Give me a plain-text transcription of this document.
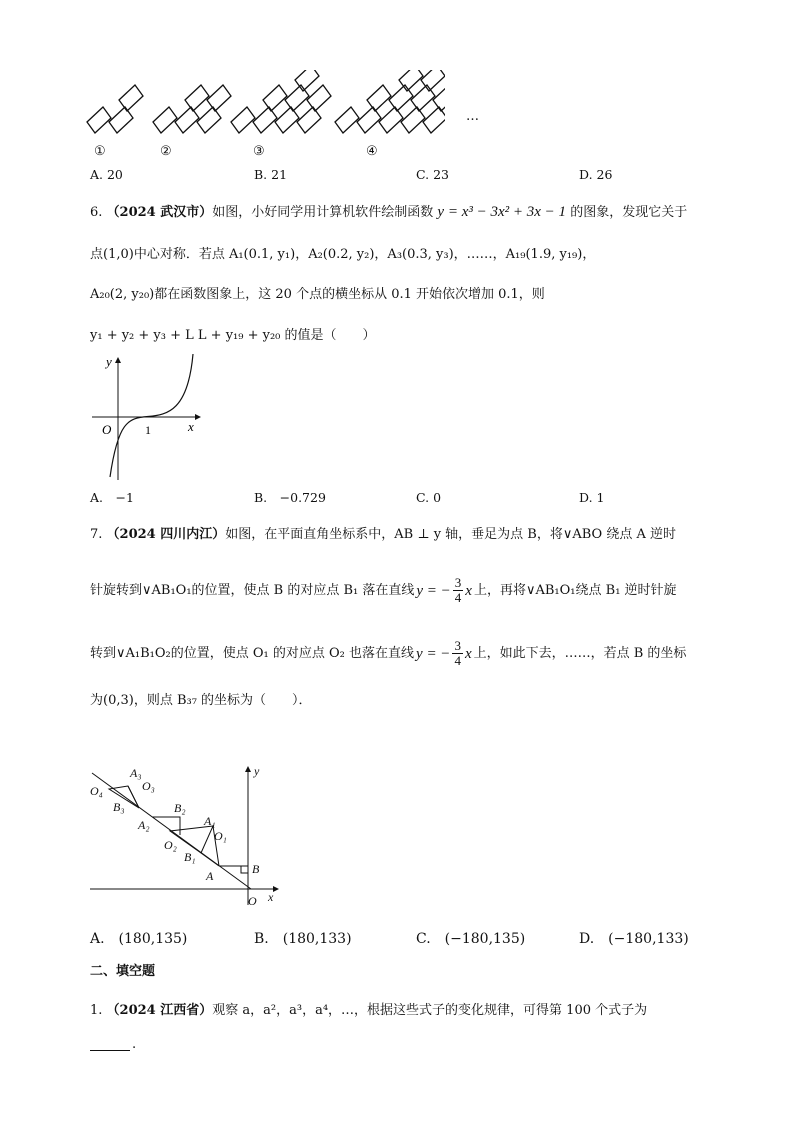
①	②	③	④
…
A. 20	B. 21	C. 23	D. 26
6. （2024 武汉市）如图，小好同学用计算机软件绘制函数 y = x³ − 3x² + 3x − 1 的图象，发现它关于
点(1,0)中心对称．若点 A₁(0.1, y₁)，A₂(0.2, y₂)，A₃(0.3, y₃)，……，A₁₉(1.9, y₁₉)，
A₂₀(2, y₂₀)都在函数图象上，这 20 个点的横坐标从 0.1 开始依次增加 0.1，则
y₁ + y₂ + y₃ + L L + y₁₉ + y₂₀ 的值是（　　）
y
x
O	1
A.　−1	B.　−0.729	C. 0	D. 1
7. （2024 四川内江）如图，在平面直角坐标系中，AB ⊥ y 轴，垂足为点 B，将∨ABO 绕点 A 逆时
针旋转到∨AB₁O₁的位置，使点 B 的对应点 B₁ 落在直线 y = − $\frac{3}{4}$ x 上，再将∨AB₁O₁绕点 B₁ 逆时针旋
转到∨A₁B₁O₂的位置，使点 O₁ 的对应点 O₂ 也落在直线 y = − $\frac{3}{4}$ x 上，如此下去，……，若点 B 的坐标
为(0,3)，则点 B₃₇ 的坐标为（　　）．
A₃
O₄	O₃
B₃	B₂
A₂	A₁
O₁
O₂
B₁
A	B
O x
y
A.　(180,135)	B.　(180,133)	C.　(−180,135)	D.　(−180,133)
二、填空题
1. （2024 江西省）观察 a，a²，a³，a⁴，…，根据这些式子的变化规律，可得第 100 个式子为
.
